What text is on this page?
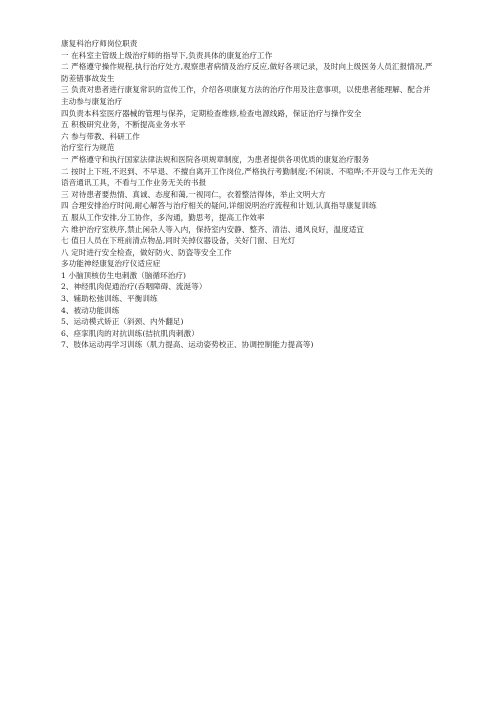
康复科治疗师岗位职责
一 在科室主管级上级治疗师的指导下,负责具体的康复治疗工作
二 严格遵守操作规程,执行治疗处方,观察患者病情及治疗反应,做好各项记录，及时向上级医务人员汇报情况,严防差错事故发生
三 负责对患者进行康复常识的宣传工作，介绍各项康复方法的治疗作用及注意事项，以使患者能理解、配合并主动参与康复治疗
四负责本科室医疗器械的管理与保养，定期检查维修,检查电源线路，保证治疗与操作安全
五 积极研究业务，不断提高业务水平
六 参与带教、科研工作
治疗室行为规范
一 严格遵守和执行国家法律法规和医院各项规章制度，为患者提供各项优质的康复治疗服务
二 按时上下班,不迟到、不早退、不擅自离开工作岗位,严格执行考勤制度;不闲谈、不喧哗;不开设与工作无关的语音通讯工具，不看与工作业务无关的书报
三 对待患者要热情、真诚、态度和蔼,一视同仁，衣着整洁得体，举止文明大方
四 合理安排治疗时间,耐心解答与治疗相关的疑问,详细说明治疗流程和计划,认真指导康复训练
五 服从工作安排,分工协作，多沟通，勤思考，提高工作效率
六 维护治疗室秩序,禁止闲杂人等入内，保持室内安静、整齐、清洁、通风良好，温度适宜
七 值日人员在下班前清点物品,同时关掉仪器设备，关好门窗、日光灯
八 定时进行安全检查，做好防火、防盗等安全工作
多功能神经康复治疗仪适应症
1 小脑顶核仿生电刺激（脑循环治疗)
2、神经肌肉促通治疗(吞咽障碍、流涎等）
3、辅助松弛训练、平衡训练
4、被动功能训练
5、运动模式矫正（斜颈、内外翻足)
6、痉挛肌肉的对抗训练(拮抗肌肉刺激）
7、肢体运动再学习训练（肌力提高、运动姿势校正、协调控制能力提高等)
